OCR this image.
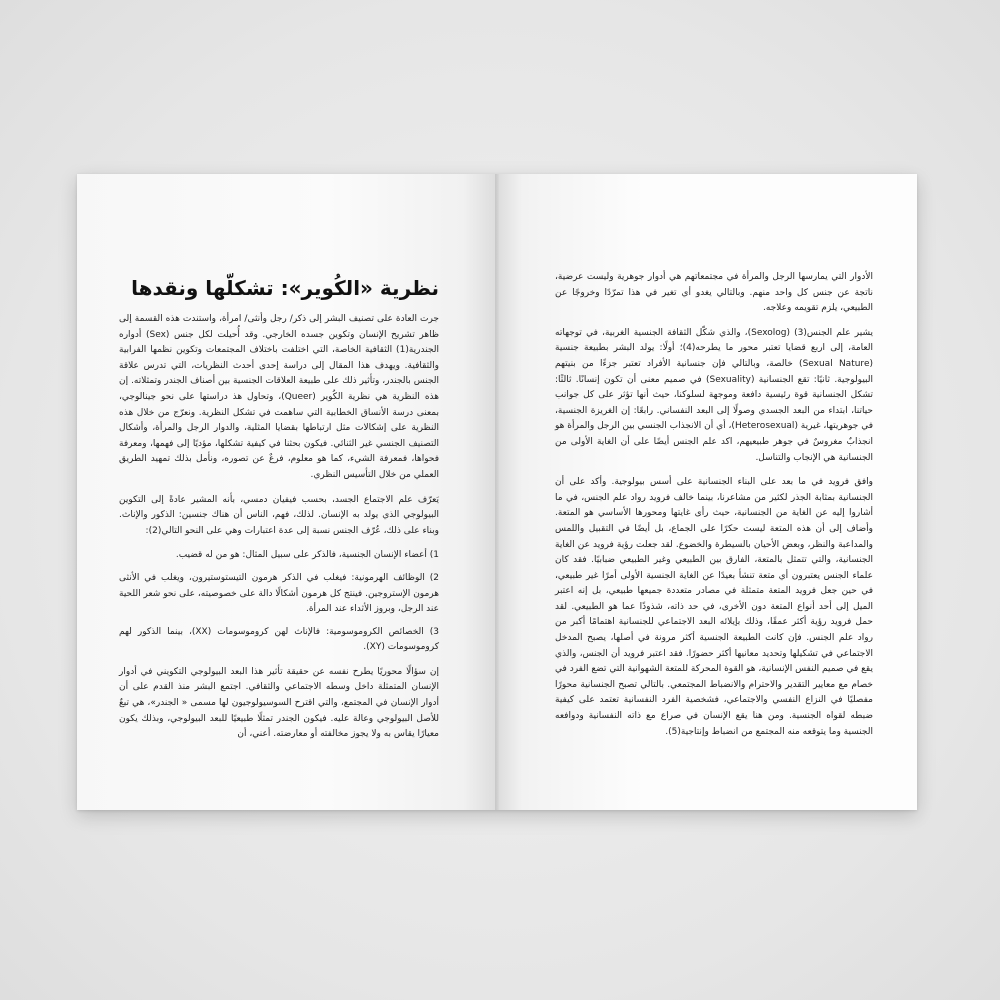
نظرية «الكُوير»: تشكلّها ونقدها

جرت العادة على تصنيف البشر إلى ذكر/ رجل وأنثى/ امرأة، واستندت هذه القسمة إلى ظاهر تشريح الإنسان وتكوين جسده الخارجي. وقد أُحيلت لكل جنس (Sex) أدواره الجندرية(1) الثقافية الخاصة، التي اختلفت باختلاف المجتمعات وتكوين نظمها الفرابية والثقافية. ويهدف هذا المقال إلى دراسة إحدى أحدث النظريات، التي تدرس علاقة الجنس بالجندر، وتأثير ذلك على طبيعة العلاقات الجنسية بين أصناف الجندر وتمثلاته. إن هذه النظرية هي نظرية الكُوير (Queer)، وتحاول هذ دراستها على نحو جينالوجي، بمعنى درسة الأنساق الخطابية التي ساهمت في تشكل النظرية. ونعرّج من خلال هذه النظرية على إشكالات مثل ارتباطها بقضايا المثلية، والدوار الرجل والمرأة، وأشكال التصنيف الجنسي غير الثنائي. فيكون بحثنا في كيفية تشكلها، مؤديًا إلى فهمها، ومعرفة فحواها، فمعرفة الشيء، كما هو معلوم، فرعٌ عن تصوره، ونأمل بذلك تمهيد الطريق العملي من خلال التأسيس النظري.

يَعرّف علم الاجتماع الجسد، بحسب فيفيان دمسي، بأنه المشير عادةً إلى التكوين البيولوجي الذي يولد به الإنسان. لذلك، فهم، الناس أن هناك جنسين: الذكور والإناث. وبناء على ذلك، عُرّف الجنس نسبة إلى عدة اعتبارات وهي على النحو التالي(2):

1) أعضاء الإنسان الجنسية، فالذكر على سبيل المثال: هو من له قضيب.

2) الوظائف الهرمونية: فيغلب في الذكر هرمون التيستوستيرون، ويغلب في الأنثى هرمون الإستروجين. فينتج كل هرمون أشكالًا دالة على خصوصيته، على نحو شعر اللحية عند الرجل، وبروز الأثداء عند المرأة.

3) الخصائص الكروموسومية: فالإناث لهن كروموسومات (XX)، بينما الذكور لهم كروموسومات (XY).

إن سؤالًا محوريًا يطرح نفسه عن حقيقة تأثير هذا البعد البيولوجي التكويني في أدوار الإنسان المتمثلة داخل وسطه الاجتماعي والثقافي. اجتمع البشر منذ القدم على أن أدوار الإنسان في المجتمع، والتي اقترح السوسيولوجيون لها مسمى « الجندر»، هي تبعٌ للأصل البيولوجي وعالة عليه. فيكون الجندر تمثلًا طبيعيًا للبعد البيولوجي، وبذلك يكون معيارًا يقاس به ولا يجوز مخالفته أو معارضته. أعني، أن

الأدوار التي يمارسها الرجل والمرأة في مجتمعاتهم هي أدوار جوهرية وليست عرضية، ناتجة عن جنس كل واحد منهم. وبالتالي يغدو أي تغير في هذا تمرّدًا وخروجًا عن الطبيعي، يلزم تقويمه وعلاجه.

يشير علم الجنس(3) (Sexolog)، والذي شكّل الثقافة الجنسية الغربية، في توجهاته العامة، إلى اربع قضايا تعتبر محور ما يطرحه(4)؛ أولًا: يولد البشر بطبيعة جنسية (Sexual Nature) خالصة، وبالتالي فإن جنسانية الأفراد تعتبر جزءًا من بنيتهم البيولوجية. ثانيًا: تقع الجنسانية (Sexuality) في صميم معنى أن تكون إنسانًا. ثالثًا: تشكل الجنسانية قوة رئيسية دافعة وموجهة لسلوكنا، حيث أنها تؤثر على كل جوانب حياتنا، ابتداء من البعد الجسدي وصولًا إلى البعد النفساني. رابعًا: إن الغريزة الجنسية، في جوهريتها، غيرية (Heterosexual)، أي أن الانجذاب الجنسي بين الرجل والمرأة هو انجذابٌ مغروسٌ في جوهر طبيعيهم، اكد علم الجنس أيضًا على أن الغاية الأولى من الجنسانية هي الإنجاب والتناسل.

وافق فرويد في ما بعد على البناء الجنسانية على أسس بيولوجية. وأكد على أن الجنسانية بمثابة الجذر لكثير من مشاعرنا، بينما خالف فرويد رواد علم الجنس، في ما أشاروا إليه عن الغاية من الجنسانية، حيث رأى غايتها ومحورها الأساسي هو المتعة. وأضاف إلى أن هذه المتعة ليست حكرًا على الجماع، بل أيضًا في التقبيل واللمس والمداعبة والنظر، وبعض الأحيان بالسيطرة والخضوع. لقد جعلت رؤية فرويد عن الغاية الجنسانية، والتي تتمثل بالمتعة، الفارق بين الطبيعي وغير الطبيعي ضبابيًا. فقد كان علماء الجنس يعتبرون أي متعة تنشأ بعيدًا عن الغاية الجنسية الأولى أمرًا غير طبيعي، في حين جعل فرويد المتعة متمثلة في مصادر متعددة جميعها طبيعي، بل إنه اعتبر الميل إلى أحد أنواع المتعة دون الأخرى، في حد ذاته، شذوذًا عما هو الطبيعي. لقد حمل فرويد رؤية أكثر عمقًا، وذلك بإيلائه البعد الاجتماعي للجنسانية اهتمامًا أكبر من رواد علم الجنس. فإن كانت الطبيعة الجنسية أكثر مرونة في أصلها، يصبح المدخل الاجتماعي في تشكيلها وتحديد معانيها أكثر حضورًا. فقد اعتبر فرويد أن الجنس، والذي يقع في صميم النفس الإنسانية، هو القوة المحركة للمتعة الشهوانية التي تضع الفرد في خصام مع معايير التقدير والاحترام والانضباط المجتمعي. بالتالي تصبح الجنسانية محورًا مفصليًا في النزاع النفسي والاجتماعي، فشخصية الفرد النفسانية تعتمد على كيفية ضبطه لقواه الجنسية. ومن هنا يقع الإنسان في صراع مع ذاته النفسانية ودوافعه الجنسية وما يتوقعه منه المجتمع من انضباط وإنتاجية(5).
